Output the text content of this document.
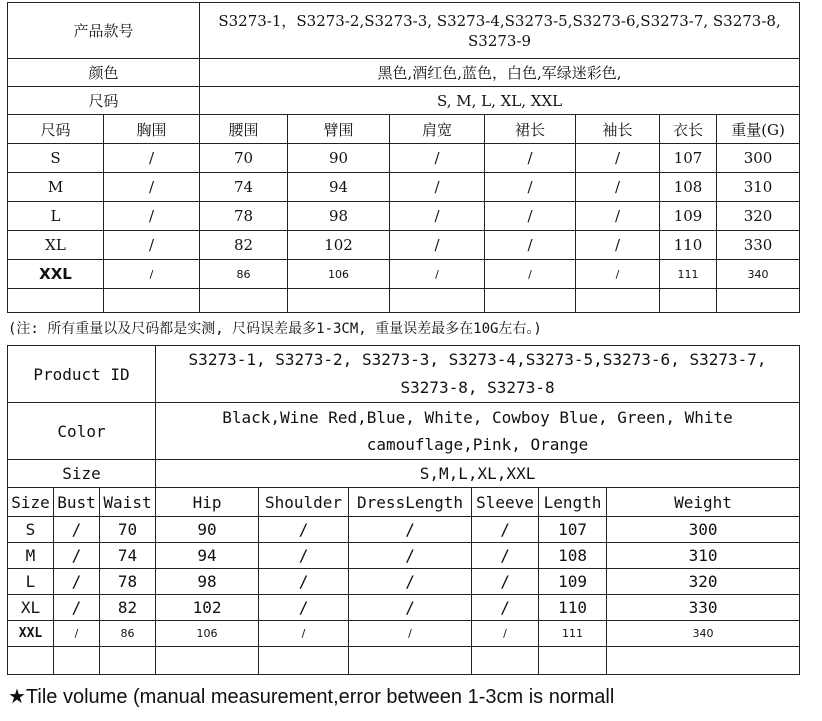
产品款号		S3273-1，S3273-2,S3273-3, S3273-4,S3273-5,S3273-6,S3273-7, S3273-8, S3273-9						
颜色		黑色,酒红色,蓝色，白色,军绿迷彩色,						
尺码		S, M, L, XL, XXL						
尺码	胸围	腰围	臂围	肩宽	裙长	袖长	衣长	重量(G)
S	/	70	90	/	/	/	107	300
M	/	74	94	/	/	/	108	310
L	/	78	98	/	/	/	109	320
XL	/	82	102	/	/	/	110	330
XXL	/	86	106	/	/	/	111	340

(注: 所有重量以及尺码都是实测, 尺码误差最多1-3CM, 重量误差最多在10G左右。)
Product ID			S3273-1, S3273-2, S3273-3, S3273-4,S3273-5,S3273-6, S3273-7, S3273-8, S3273-8					
Color			Black,Wine Red,Blue, White, Cowboy Blue, Green, White camouflage,Pink, Orange					
Size			S,M,L,XL,XXL					
Size	Bust	Waist	Hip	Shoulder	DressLength	Sleeve	Length	Weight
S	/	70	90	/	/	/	107	300
M	/	74	94	/	/	/	108	310
L	/	78	98	/	/	/	109	320
XL	/	82	102	/	/	/	110	330
XXL	/	86	106	/	/	/	111	340

★Tile volume (manual measurement,error between 1-3cm is normall
